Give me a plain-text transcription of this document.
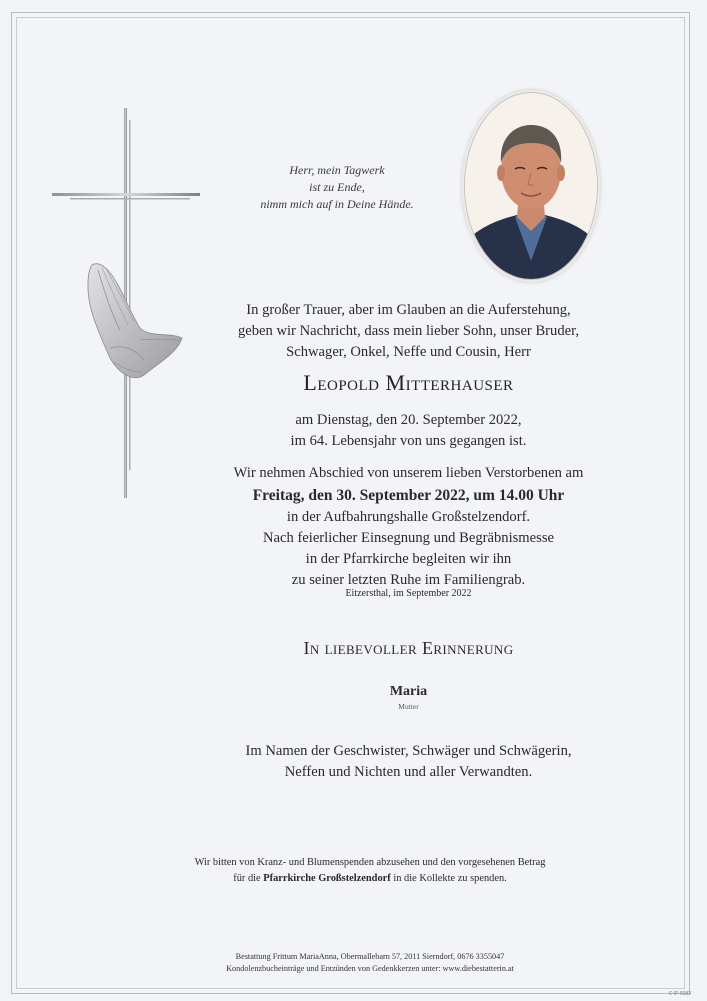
Herr, mein Tagwerk
ist zu Ende,
nimm mich auf in Deine Hände.
In großer Trauer, aber im Glauben an die Auferstehung,
geben wir Nachricht, dass mein lieber Sohn, unser Bruder,
Schwager, Onkel, Neffe und Cousin, Herr
Leopold Mitterhauser
am Dienstag, den 20. September 2022,
im 64. Lebensjahr von uns gegangen ist.
Wir nehmen Abschied von unserem lieben Verstorbenen am
Freitag, den 30. September 2022, um 14.00 Uhr
in der Aufbahrungshalle Großstelzendorf.
Nach feierlicher Einsegnung und Begräbnismesse
in der Pfarrkirche begleiten wir ihn
zu seiner letzten Ruhe im Familiengrab.
Eitzersthal, im September 2022
In liebevoller Erinnerung
Maria
Mutter
Im Namen der Geschwister, Schwäger und Schwägerin,
Neffen und Nichten und aller Verwandten.
Wir bitten von Kranz- und Blumenspenden abzusehen und den vorgesehenen Betrag
für die Pfarrkirche Großstelzendorf in die Kollekte zu spenden.
Bestattung Frittum MariaAnna, Obermallebarn 57, 2011 Sierndorf, 0676 3355047
Kondolenzbucheinträge und Entzünden von Gedenkkerzen unter: www.diebestatterin.at
© IP 5083
